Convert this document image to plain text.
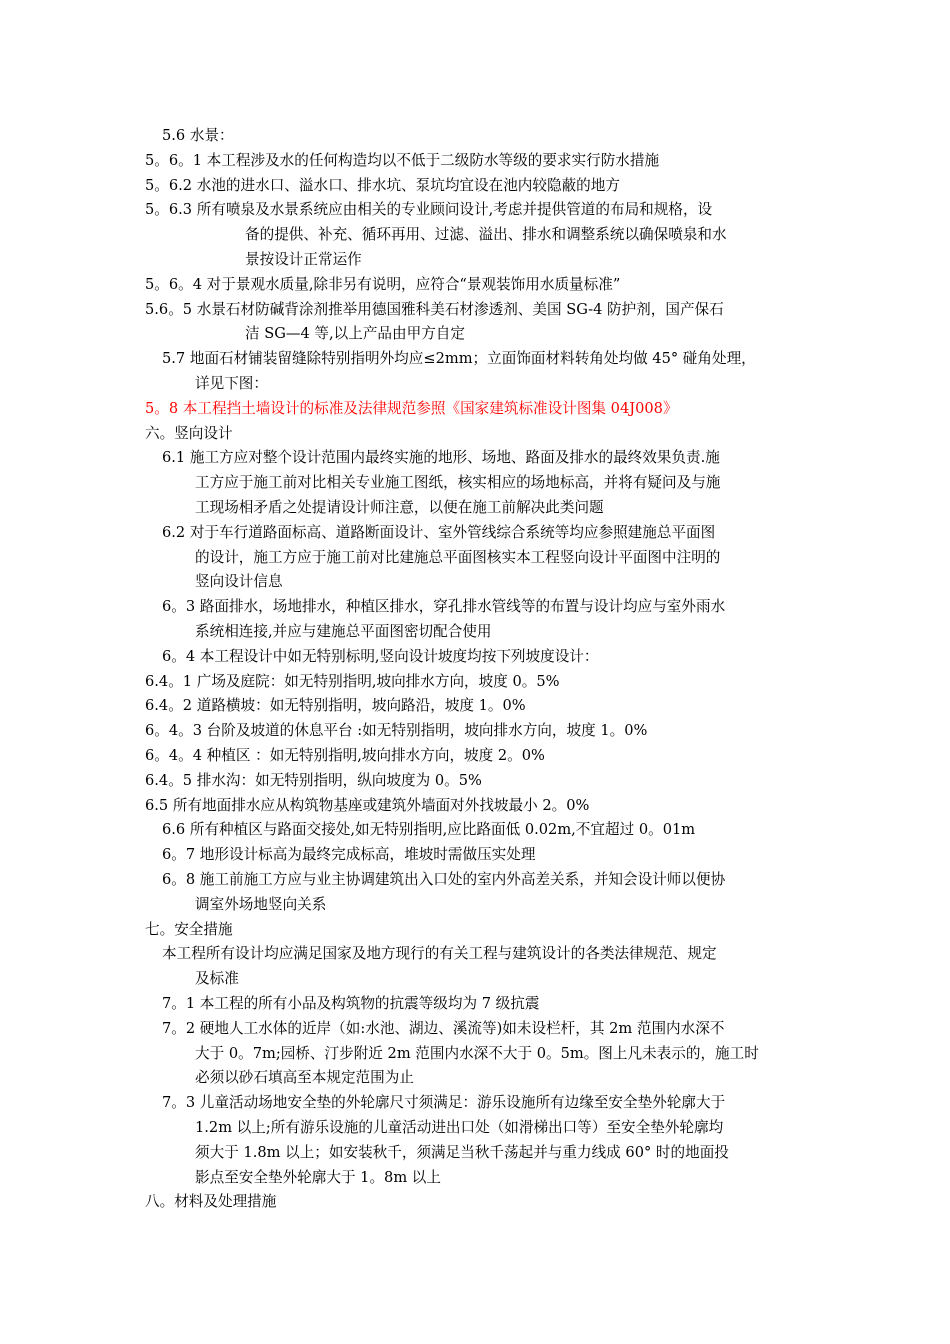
5.6 水景：
5。6。1 本工程涉及水的任何构造均以不低于二级防水等级的要求实行防水措施
5。6.2 水池的进水口、溢水口、排水坑、泵坑均宜设在池内较隐蔽的地方
5。6.3 所有喷泉及水景系统应由相关的专业顾问设计,考虑并提供管道的布局和规格，设
备的提供、补充、循环再用、过滤、溢出、排水和调整系统以确保喷泉和水
景按设计正常运作
5。6。4 对于景观水质量,除非另有说明，应符合“景观装饰用水质量标准”
5.6。5 水景石材防碱背涂剂推举用德国雅科美石材渗透剂、美国 SG-4 防护剂，国产保石
洁 SG—4 等,以上产品由甲方自定
5.7 地面石材铺装留缝除特别指明外均应≤2mm；立面饰面材料转角处均做 45° 碰角处理，
详见下图：
5。8 本工程挡土墙设计的标准及法律规范参照《国家建筑标准设计图集 04J008》
六。竖向设计
6.1 施工方应对整个设计范围内最终实施的地形、场地、路面及排水的最终效果负责.施
工方应于施工前对比相关专业施工图纸，核实相应的场地标高，并将有疑问及与施
工现场相矛盾之处提请设计师注意，以便在施工前解决此类问题
6.2 对于车行道路面标高、道路断面设计、室外管线综合系统等均应参照建施总平面图
的设计，施工方应于施工前对比建施总平面图核实本工程竖向设计平面图中注明的
竖向设计信息
6。3 路面排水，场地排水，种植区排水，穿孔排水管线等的布置与设计均应与室外雨水
系统相连接,并应与建施总平面图密切配合使用
6。4 本工程设计中如无特别标明,竖向设计坡度均按下列坡度设计：
6.4。1 广场及庭院：如无特别指明,坡向排水方向，坡度 0。5%
6.4。2 道路横坡：如无特别指明，坡向路沿，坡度 1。0%
6。4。3 台阶及坡道的休息平台 :如无特别指明，坡向排水方向，坡度 1。0%
6。4。4 种植区 ：如无特别指明,坡向排水方向，坡度 2。0%
6.4。5 排水沟：如无特别指明，纵向坡度为 0。5%
6.5 所有地面排水应从构筑物基座或建筑外墙面对外找坡最小 2。0%
6.6 所有种植区与路面交接处,如无特别指明,应比路面低 0.02m,不宜超过 0。01m
6。7 地形设计标高为最终完成标高，堆坡时需做压实处理
6。8 施工前施工方应与业主协调建筑出入口处的室内外高差关系，并知会设计师以便协
调室外场地竖向关系
七。安全措施
本工程所有设计均应满足国家及地方现行的有关工程与建筑设计的各类法律规范、规定
及标准
7。1 本工程的所有小品及构筑物的抗震等级均为 7 级抗震
7。2 硬地人工水体的近岸（如:水池、湖边、溪流等)如未设栏杆，其 2m 范围内水深不
大于 0。7m;园桥、汀步附近 2m 范围内水深不大于 0。5m。图上凡未表示的，施工时
必须以砂石填高至本规定范围为止
7。3 儿童活动场地安全垫的外轮廓尺寸须满足：游乐设施所有边缘至安全垫外轮廓大于
1.2m 以上;所有游乐设施的儿童活动进出口处（如滑梯出口等）至安全垫外轮廓均
须大于 1.8m 以上；如安装秋千，须满足当秋千荡起并与重力线成 60° 时的地面投
影点至安全垫外轮廓大于 1。8m 以上
八。材料及处理措施
